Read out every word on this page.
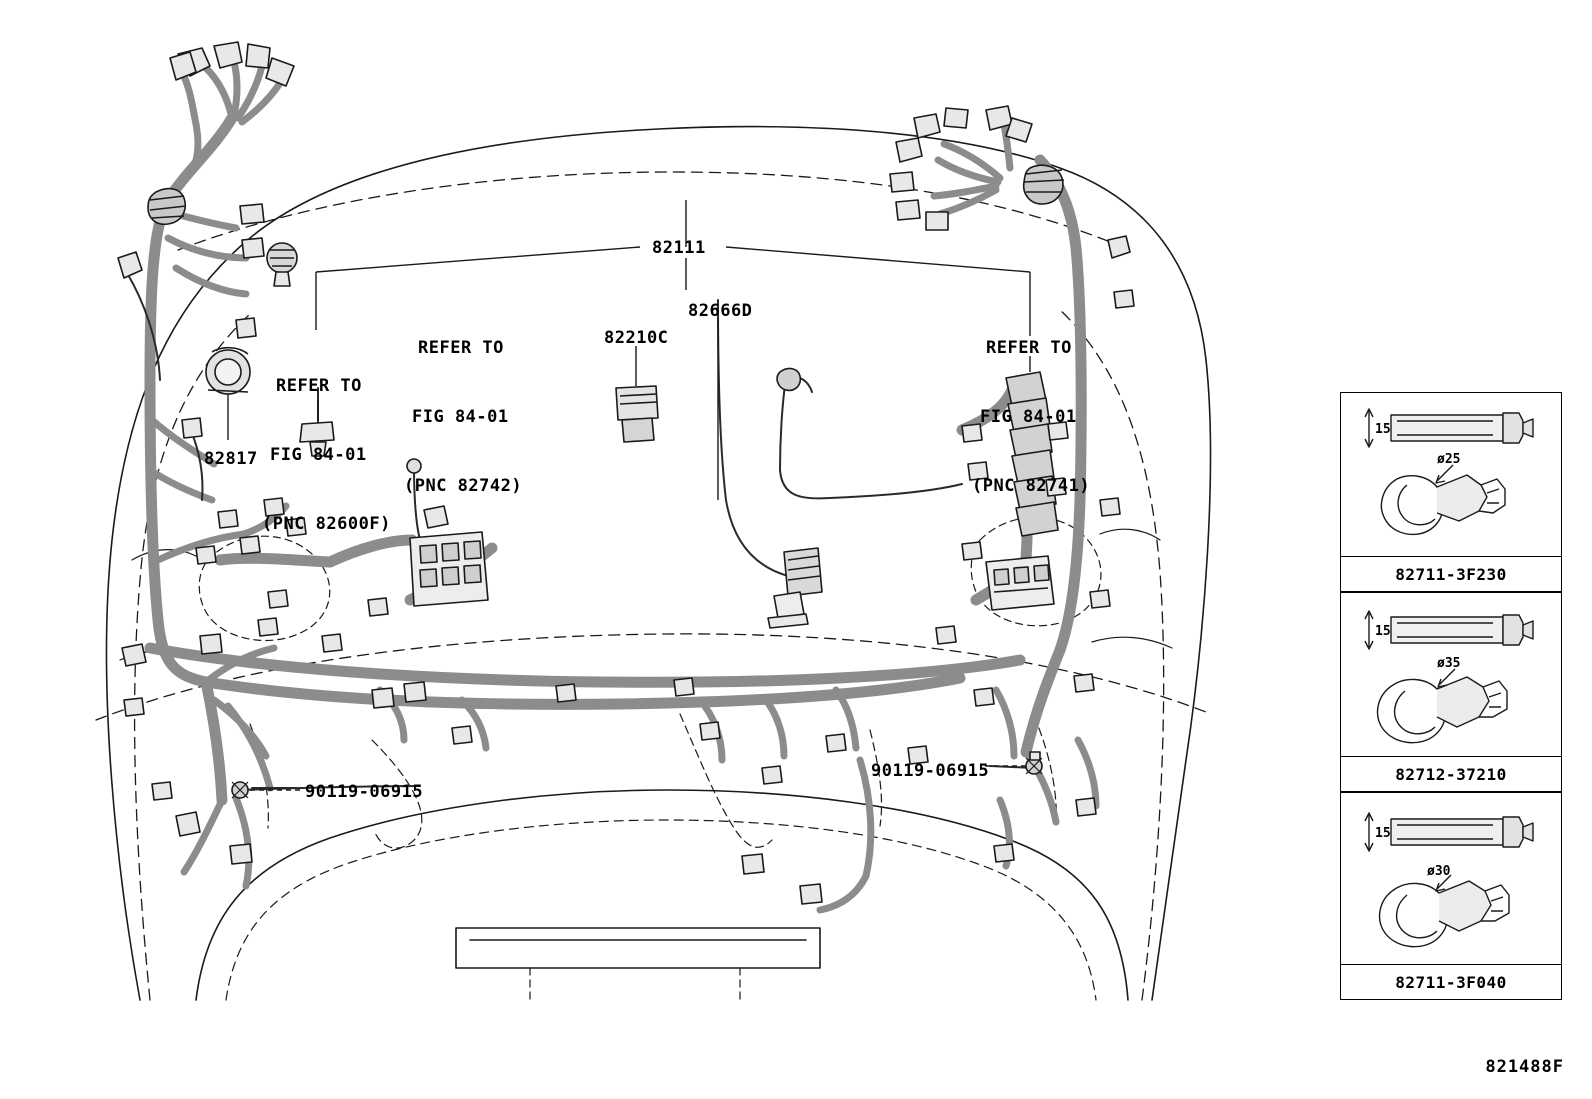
82111
82666D
82210C
82817
90119-06915
90119-06915

REFER TO

FIG 84-01

(PNC 82600F)

REFER TO

FIG 84-01

(PNC 82742)

REFER TO

FIG 84-01

(PNC 82741)

15
ø25
82711-3F230
15
ø35
82712-37210
15
ø30
82711-3F040
821488F
